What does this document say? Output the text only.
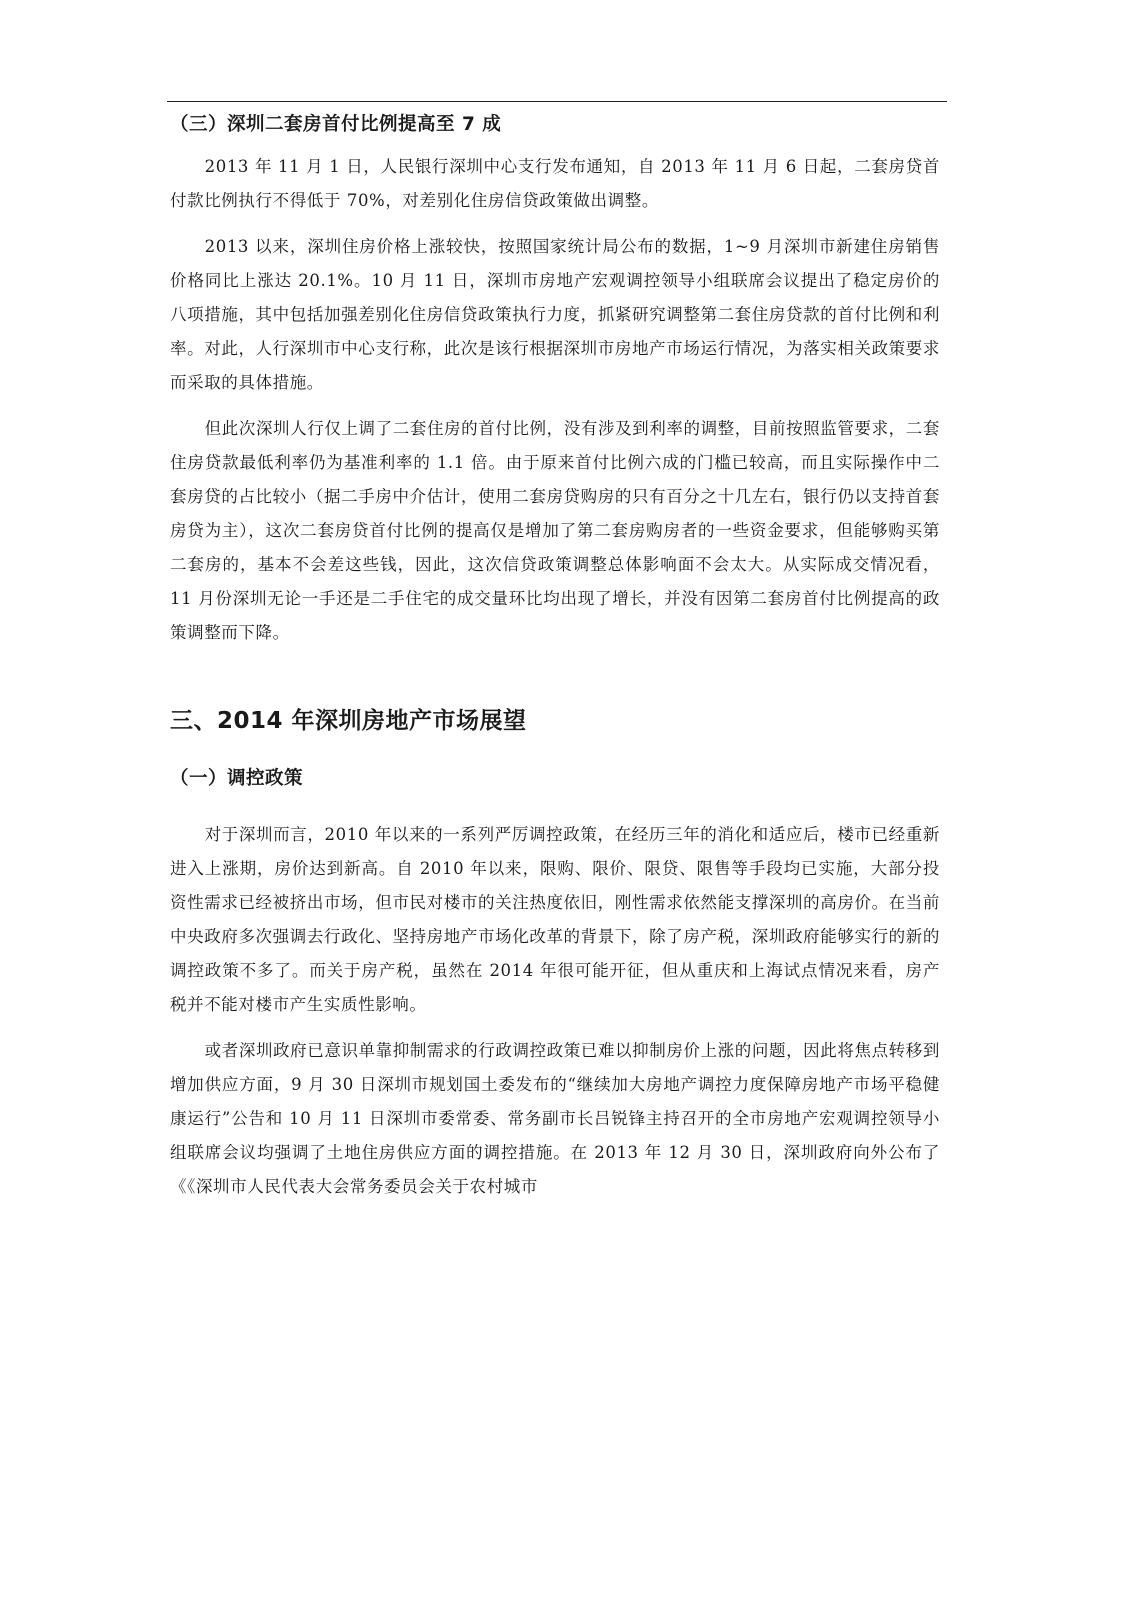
（三）深圳二套房首付比例提高至 7 成

2013 年 11 月 1 日，人民银行深圳中心支行发布通知，自 2013 年 11 月 6 日起，二套房贷首付款比例执行不得低于 70%，对差别化住房信贷政策做出调整。

2013 以来，深圳住房价格上涨较快，按照国家统计局公布的数据，1~9 月深圳市新建住房销售价格同比上涨达 20.1%。10 月 11 日，深圳市房地产宏观调控领导小组联席会议提出了稳定房价的八项措施，其中包括加强差别化住房信贷政策执行力度，抓紧研究调整第二套住房贷款的首付比例和利率。对此，人行深圳市中心支行称，此次是该行根据深圳市房地产市场运行情况，为落实相关政策要求而采取的具体措施。

但此次深圳人行仅上调了二套住房的首付比例，没有涉及到利率的调整，目前按照监管要求，二套住房贷款最低利率仍为基准利率的 1.1 倍。由于原来首付比例六成的门槛已较高，而且实际操作中二套房贷的占比较小（据二手房中介估计，使用二套房贷购房的只有百分之十几左右，银行仍以支持首套房贷为主），这次二套房贷首付比例的提高仅是增加了第二套房购房者的一些资金要求，但能够购买第二套房的，基本不会差这些钱，因此，这次信贷政策调整总体影响面不会太大。从实际成交情况看，11 月份深圳无论一手还是二手住宅的成交量环比均出现了增长，并没有因第二套房首付比例提高的政策调整而下降。

三、2014 年深圳房地产市场展望
（一）调控政策

对于深圳而言，2010 年以来的一系列严厉调控政策，在经历三年的消化和适应后，楼市已经重新进入上涨期，房价达到新高。自 2010 年以来，限购、限价、限贷、限售等手段均已实施，大部分投资性需求已经被挤出市场，但市民对楼市的关注热度依旧，刚性需求依然能支撑深圳的高房价。在当前中央政府多次强调去行政化、坚持房地产市场化改革的背景下，除了房产税，深圳政府能够实行的新的调控政策不多了。而关于房产税，虽然在 2014 年很可能开征，但从重庆和上海试点情况来看，房产税并不能对楼市产生实质性影响。

或者深圳政府已意识单靠抑制需求的行政调控政策已难以抑制房价上涨的问题，因此将焦点转移到增加供应方面，9 月 30 日深圳市规划国土委发布的“继续加大房地产调控力度保障房地产市场平稳健康运行”公告和 10 月 11 日深圳市委常委、常务副市长吕锐锋主持召开的全市房地产宏观调控领导小组联席会议均强调了土地住房供应方面的调控措施。在 2013 年 12 月 30 日，深圳政府向外公布了《《深圳市人民代表大会常务委员会关于农村城市
